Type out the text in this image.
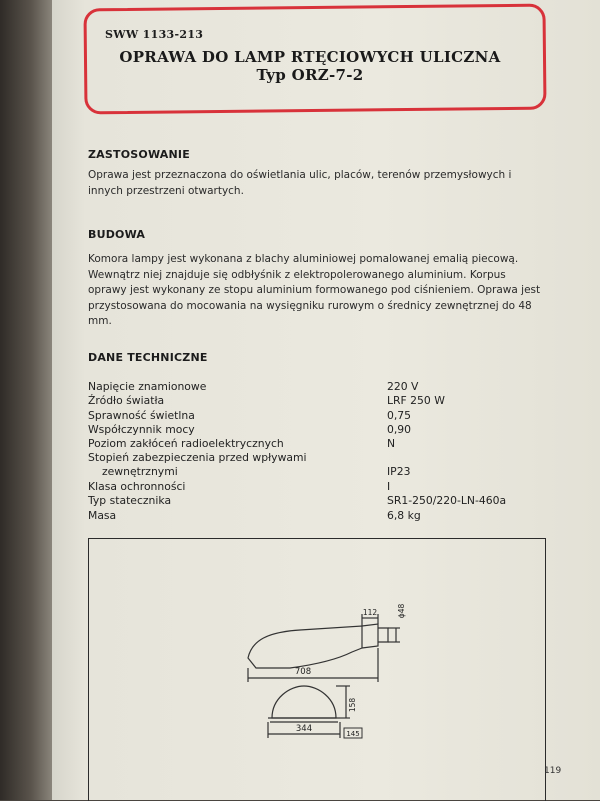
SWW 1133-213
OPRAWA DO LAMP RTĘCIOWYCH ULICZNA
Typ ORZ-7-2
ZASTOSOWANIE
Oprawa jest przeznaczona do oświetlania ulic, placów, terenów przemysłowych i innych przestrzeni otwartych.
BUDOWA
Komora lampy jest wykonana z blachy aluminiowej pomalowanej emalią piecową. Wewnątrz niej znajduje się odbłyśnik z elektropolerowanego aluminium. Korpus oprawy jest wykonany ze stopu aluminium formowanego pod ciśnieniem. Oprawa jest przystosowana do mocowania na wysięgniku rurowym o średnicy zewnętrznej do 48 mm.
DANE TECHNICZNE
Napięcie znamionowe	220 V
Źródło światła	LRF 250 W
Sprawność świetlna	0,75
Współczynnik mocy	0,90
Poziom zakłóceń radioelektrycznych	N
Stopień zabezpieczenia przed wpływami
zewnętrznymi	IP23
Klasa ochronności	I
Typ statecznika	SR1-250/220-LN-460a
Masa	6,8 kg
708
112	ϕ48
344
158
145
119
